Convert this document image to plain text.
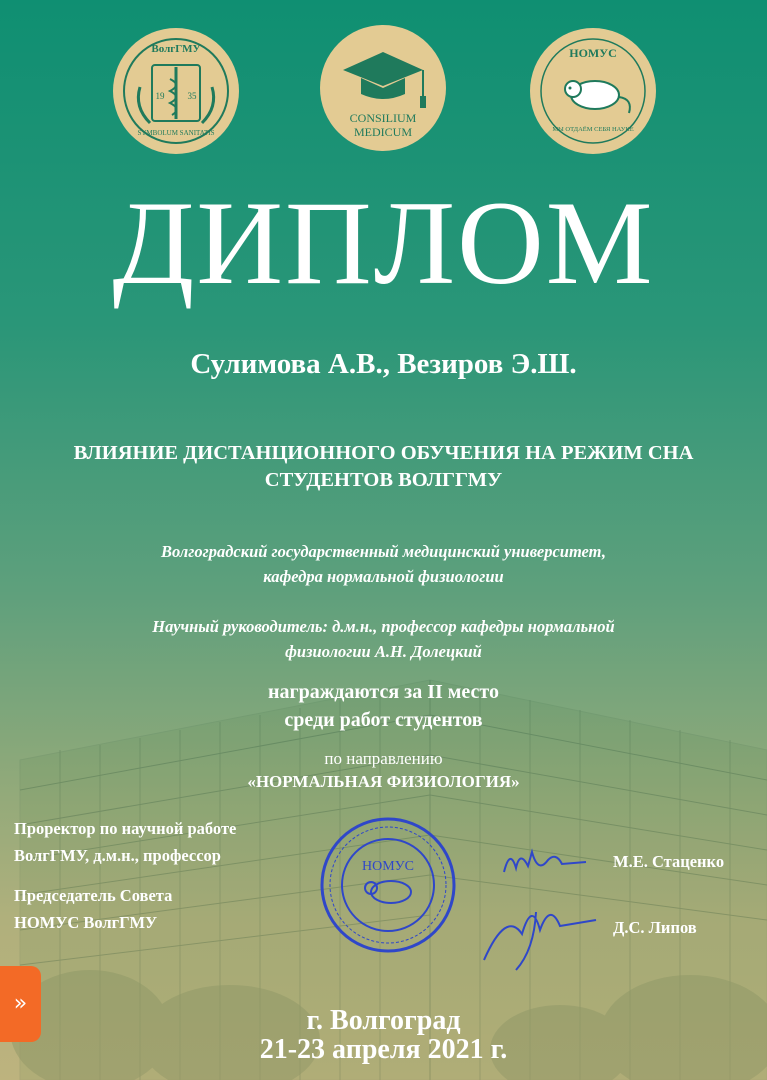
ВолгГМУ
19	35
SYMBOLUM SANITATIS
CONSILIUM
MEDICUM
НОМУС
МЫ ОТДАЁМ СЕБЯ НАУКЕ
ДИПЛОМ
Сулимова А.В., Везиров Э.Ш.
ВЛИЯНИЕ ДИСТАНЦИОННОГО ОБУЧЕНИЯ НА РЕЖИМ СНА
СТУДЕНТОВ ВОЛГГМУ
Волгоградский государственный медицинский университет,
кафедра нормальной физиологии
Научный руководитель: д.м.н., профессор кафедры нормальной
физиологии А.Н. Долецкий
награждаются за II место
среди работ студентов
по направлению
«НОРМАЛЬНАЯ ФИЗИОЛОГИЯ»
Проректор по научной работе
ВолгГМУ, д.м.н., профессор
Председатель Совета
НОМУС ВолгГМУ
М.Е. Стаценко
Д.С. Липов
НОМУС
г. Волгоград
21-23 апреля 2021 г.
»
